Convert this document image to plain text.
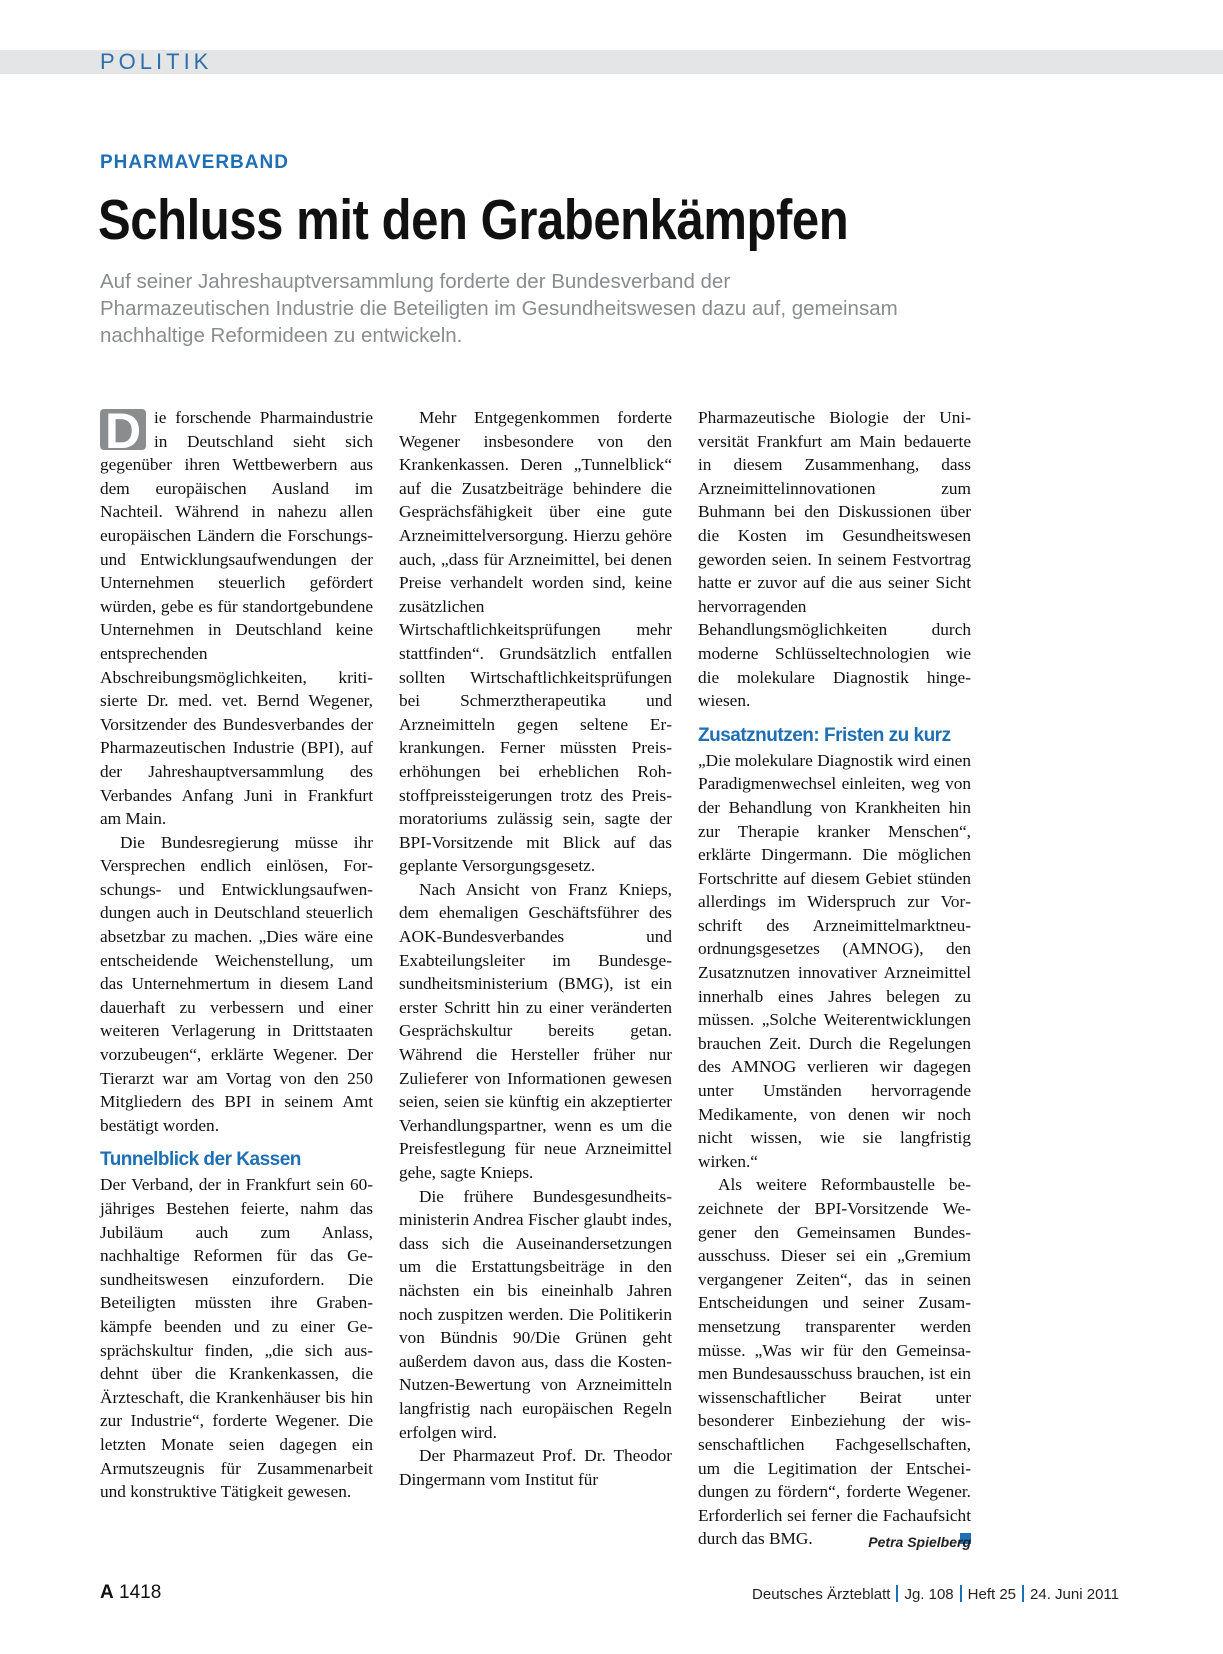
POLITIK
PHARMAVERBAND
Schluss mit den Grabenkämpfen
Auf seiner Jahreshauptversammlung forderte der Bundesverband der Pharmazeutischen Industrie die Beteiligten im Gesundheitswesen dazu auf, gemeinsam nachhaltige Reformideen zu entwickeln.

D ie forschende Pharmaindustrie in Deutschland sieht sich gegenüber ihren Wettbewerbern aus dem europäischen Ausland im Nachteil. Während in nahezu allen europäischen Ländern die Forschungs- und Entwicklungsaufwendungen der Unternehmen steuerlich gefördert würden, gebe es für standortgebundene Unternehmen in Deutschland keine entsprechenden Abschreibungsmöglichkeiten, kritisierte Dr. med. vet. Bernd Wegener, Vorsitzender des Bundesverbandes der Pharmazeutischen Industrie (BPI), auf der Jahreshauptversammlung des Verbandes Anfang Juni in Frankfurt am Main.

Die Bundesregierung müsse ihr Versprechen endlich einlösen, Forschungs- und Entwicklungsaufwendungen auch in Deutschland steuerlich absetzbar zu machen. „Dies wäre eine entscheidende Weichenstellung, um das Unternehmertum in diesem Land dauerhaft zu verbessern und einer weiteren Verlagerung in Drittstaaten vorzubeugen“, erklärte Wegener. Der Tierarzt war am Vortag von den 250 Mitgliedern des BPI in seinem Amt bestätigt worden.

Tunnelblick der Kassen

Der Verband, der in Frankfurt sein 60-jähriges Bestehen feierte, nahm das Jubiläum auch zum Anlass, nachhaltige Reformen für das Gesundheitswesen einzufordern. Die Beteiligten müssten ihre Grabenkämpfe beenden und zu einer Gesprächskultur finden, „die sich ausdehnt über die Krankenkassen, die Ärzteschaft, die Krankenhäuser bis hin zur Industrie“, forderte Wegener. Die letzten Monate seien dagegen ein Armutszeugnis für Zusammenarbeit und konstruktive Tätigkeit gewesen.

Mehr Entgegenkommen forderte Wegener insbesondere von den Krankenkassen. Deren „Tunnelblick“ auf die Zusatzbeiträge behindere die Gesprächsfähigkeit über eine gute Arzneimittelversorgung. Hierzu gehöre auch, „dass für Arzneimittel, bei denen Preise verhandelt worden sind, keine zusätzlichen Wirtschaftlichkeitsprüfungen mehr stattfinden“. Grundsätzlich entfallen sollten Wirtschaftlichkeitsprüfungen bei Schmerztherapeutika und Arzneimitteln gegen seltene Erkrankungen. Ferner müssten Preiserhöhungen bei erheblichen Rohstoffpreissteigerungen trotz des Preismoratoriums zulässig sein, sagte der BPI-Vorsitzende mit Blick auf das geplante Versorgungsgesetz.

Nach Ansicht von Franz Knieps, dem ehemaligen Geschäftsführer des AOK-Bundesverbandes und Exabteilungsleiter im Bundesgesundheitsministerium (BMG), ist ein erster Schritt hin zu einer veränderten Gesprächskultur bereits getan. Während die Hersteller früher nur Zulieferer von Informationen gewesen seien, seien sie künftig ein akzeptierter Verhandlungspartner, wenn es um die Preisfestlegung für neue Arzneimittel gehe, sagte Knieps.

Die frühere Bundesgesundheitsministerin Andrea Fischer glaubt indes, dass sich die Auseinandersetzungen um die Erstattungsbeiträge in den nächsten ein bis eineinhalb Jahren noch zuspitzen werden. Die Politikerin von Bündnis 90/Die Grünen geht außerdem davon aus, dass die Kosten-Nutzen-Bewertung von Arzneimitteln langfristig nach europäischen Regeln erfolgen wird.

Der Pharmazeut Prof. Dr. Theodor Dingermann vom Institut für

Pharmazeutische Biologie der Universität Frankfurt am Main bedauerte in diesem Zusammenhang, dass Arzneimittelinnovationen zum Buhmann bei den Diskussionen über die Kosten im Gesundheitswesen geworden seien. In seinem Festvortrag hatte er zuvor auf die aus seiner Sicht hervorragenden Behandlungsmöglichkeiten durch moderne Schlüsseltechnologien wie die molekulare Diagnostik hingewiesen.

Zusatznutzen: Fristen zu kurz

„Die molekulare Diagnostik wird einen Paradigmenwechsel einleiten, weg von der Behandlung von Krankheiten hin zur Therapie kranker Menschen“, erklärte Dingermann. Die möglichen Fortschritte auf diesem Gebiet stünden allerdings im Widerspruch zur Vorschrift des Arzneimittelmarktneuordnungsgesetzes (AMNOG), den Zusatznutzen innovativer Arzneimittel innerhalb eines Jahres belegen zu müssen. „Solche Weiterentwicklungen brauchen Zeit. Durch die Regelungen des AMNOG verlieren wir dagegen unter Umständen hervorragende Medikamente, von denen wir noch nicht wissen, wie sie langfristig wirken.“

Als weitere Reformbaustelle bezeichnete der BPI-Vorsitzende Wegener den Gemeinsamen Bundesausschuss. Dieser sei ein „Gremium vergangener Zeiten“, das in seinen Entscheidungen und seiner Zusammensetzung transparenter werden müsse. „Was wir für den Gemeinsamen Bundesausschuss brauchen, ist ein wissenschaftlicher Beirat unter besonderer Einbeziehung der wissenschaftlichen Fachgesellschaften, um die Legitimation der Entscheidungen zu fördern“, forderte Wegener. Erforderlich sei ferner die Fachaufsicht durch das BMG.	Petra Spielberg
A 1418	Deutsches Ärzteblatt Jg. 108 Heft 25 24. Juni 2011
